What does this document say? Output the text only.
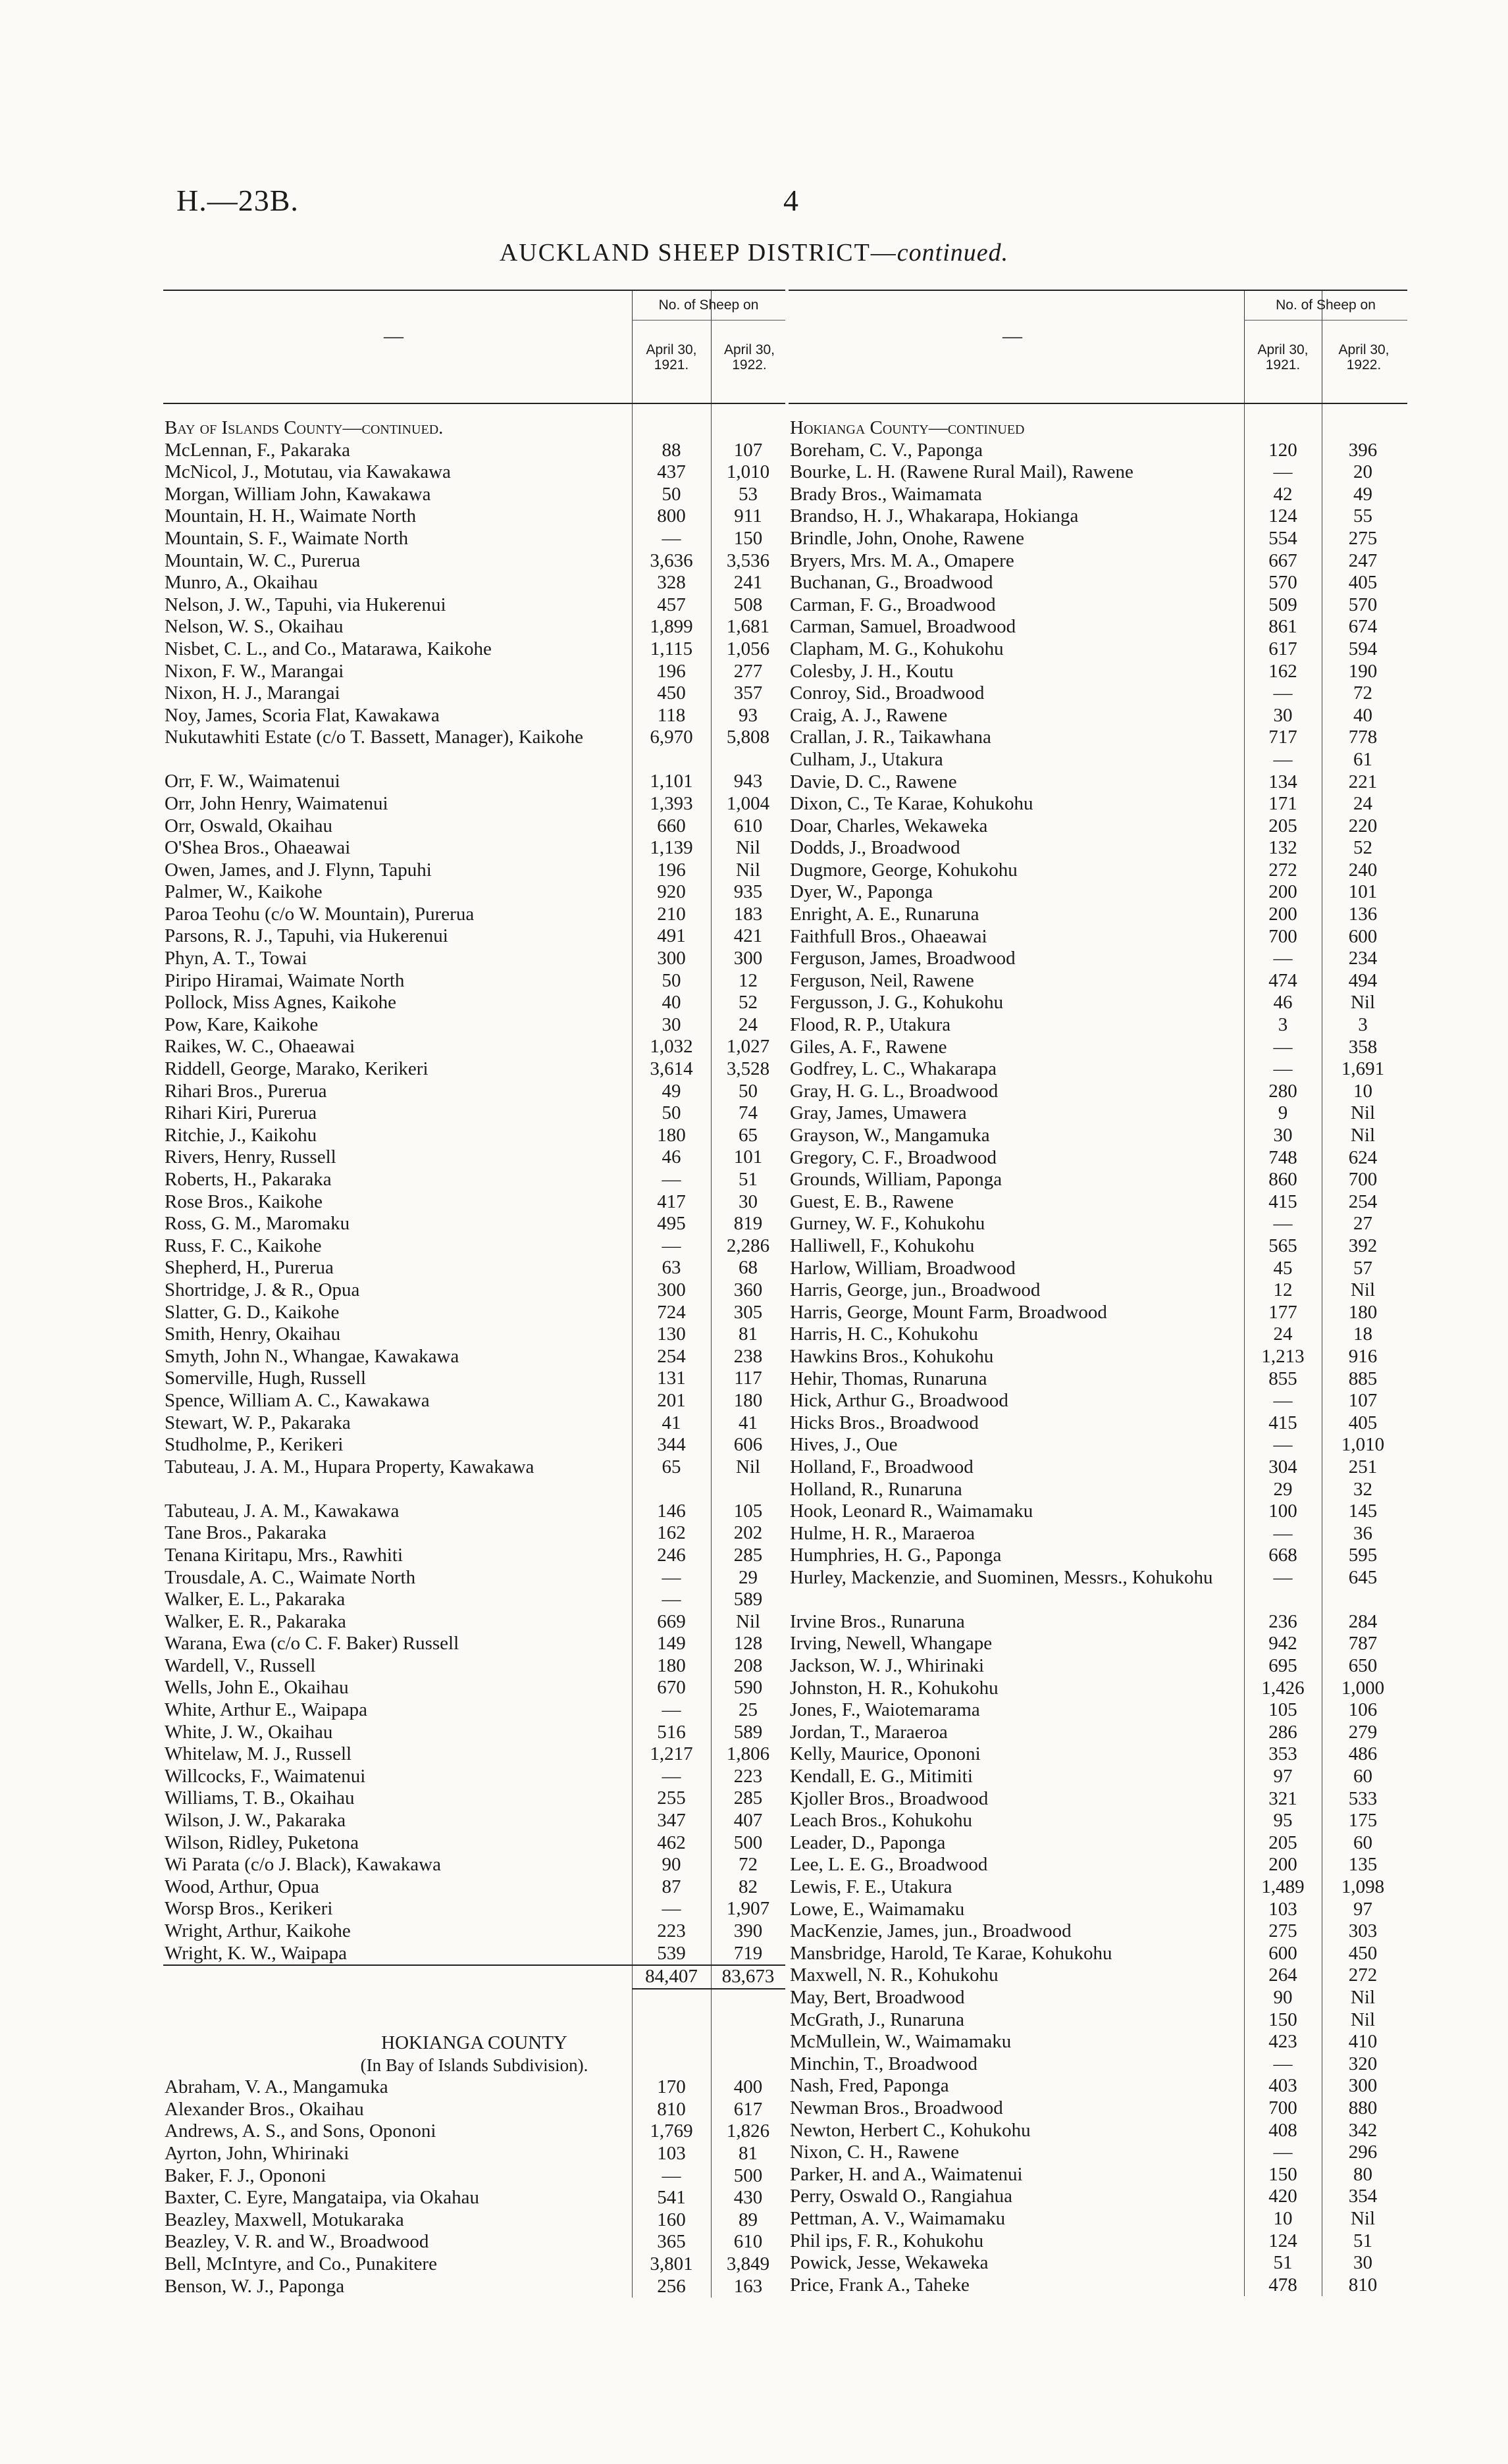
H.—23B.	4
AUCKLAND SHEEP DISTRICT—continued.
—
No. of Sheep on
April 30, 1921.
April 30, 1922.
Bay of Islands County—continued.
McLennan, F., Pakaraka	88	107
McNicol, J., Motutau, via Kawakawa	437	1,010
Morgan, William John, Kawakawa	50	53
Mountain, H. H., Waimate North	800	911
Mountain, S. F., Waimate North	—	150
Mountain, W. C., Purerua	3,636	3,536
Munro, A., Okaihau	328	241
Nelson, J. W., Tapuhi, via Hukerenui	457	508
Nelson, W. S., Okaihau	1,899	1,681
Nisbet, C. L., and Co., Matarawa, Kaikohe	1,115	1,056
Nixon, F. W., Marangai	196	277
Nixon, H. J., Marangai	450	357
Noy, James, Scoria Flat, Kawakawa	118	93
Nukutawhiti Estate (c/o T. Bassett, Manager), Kaikohe	6,970	5,808
Orr, F. W., Waimatenui	1,101	943
Orr, John Henry, Waimatenui	1,393	1,004
Orr, Oswald, Okaihau	660	610
O'Shea Bros., Ohaeawai	1,139	Nil
Owen, James, and J. Flynn, Tapuhi	196	Nil
Palmer, W., Kaikohe	920	935
Paroa Teohu (c/o W. Mountain), Purerua	210	183
Parsons, R. J., Tapuhi, via Hukerenui	491	421
Phyn, A. T., Towai	300	300
Piripo Hiramai, Waimate North	50	12
Pollock, Miss Agnes, Kaikohe	40	52
Pow, Kare, Kaikohe	30	24
Raikes, W. C., Ohaeawai	1,032	1,027
Riddell, George, Marako, Kerikeri	3,614	3,528
Rihari Bros., Purerua	49	50
Rihari Kiri, Purerua	50	74
Ritchie, J., Kaikohu	180	65
Rivers, Henry, Russell	46	101
Roberts, H., Pakaraka	—	51
Rose Bros., Kaikohe	417	30
Ross, G. M., Maromaku	495	819
Russ, F. C., Kaikohe	—	2,286
Shepherd, H., Purerua	63	68
Shortridge, J. & R., Opua	300	360
Slatter, G. D., Kaikohe	724	305
Smith, Henry, Okaihau	130	81
Smyth, John N., Whangae, Kawakawa	254	238
Somerville, Hugh, Russell	131	117
Spence, William A. C., Kawakawa	201	180
Stewart, W. P., Pakaraka	41	41
Studholme, P., Kerikeri	344	606
Tabuteau, J. A. M., Hupara Property, Kawakawa	65	Nil
Tabuteau, J. A. M., Kawakawa	146	105
Tane Bros., Pakaraka	162	202
Tenana Kiritapu, Mrs., Rawhiti	246	285
Trousdale, A. C., Waimate North	—	29
Walker, E. L., Pakaraka	—	589
Walker, E. R., Pakaraka	669	Nil
Warana, Ewa (c/o C. F. Baker) Russell	149	128
Wardell, V., Russell	180	208
Wells, John E., Okaihau	670	590
White, Arthur E., Waipapa	—	25
White, J. W., Okaihau	516	589
Whitelaw, M. J., Russell	1,217	1,806
Willcocks, F., Waimatenui	—	223
Williams, T. B., Okaihau	255	285
Wilson, J. W., Pakaraka	347	407
Wilson, Ridley, Puketona	462	500
Wi Parata (c/o J. Black), Kawakawa	90	72
Wood, Arthur, Opua	87	82
Worsp Bros., Kerikeri	—	1,907
Wright, Arthur, Kaikohe	223	390
Wright, K. W., Waipapa	539	719
84,407	83,673
HOKIANGA COUNTY
(In Bay of Islands Subdivision).
Abraham, V. A., Mangamuka	170	400
Alexander Bros., Okaihau	810	617
Andrews, A. S., and Sons, Opononi	1,769	1,826
Ayrton, John, Whirinaki	103	81
Baker, F. J., Opononi	—	500
Baxter, C. Eyre, Mangataipa, via Okahau	541	430
Beazley, Maxwell, Motukaraka	160	89
Beazley, V. R. and W., Broadwood	365	610
Bell, McIntyre, and Co., Punakitere	3,801	3,849
Benson, W. J., Paponga	256	163
—
No. of Sheep on
April 30, 1921.
April 30, 1922.
Hokianga County—continued
Boreham, C. V., Paponga	120	396
Bourke, L. H. (Rawene Rural Mail), Rawene	—	20
Brady Bros., Waimamata	42	49
Brandso, H. J., Whakarapa, Hokianga	124	55
Brindle, John, Onohe, Rawene	554	275
Bryers, Mrs. M. A., Omapere	667	247
Buchanan, G., Broadwood	570	405
Carman, F. G., Broadwood	509	570
Carman, Samuel, Broadwood	861	674
Clapham, M. G., Kohukohu	617	594
Colesby, J. H., Koutu	162	190
Conroy, Sid., Broadwood	—	72
Craig, A. J., Rawene	30	40
Crallan, J. R., Taikawhana	717	778
Culham, J., Utakura	—	61
Davie, D. C., Rawene	134	221
Dixon, C., Te Karae, Kohukohu	171	24
Doar, Charles, Wekaweka	205	220
Dodds, J., Broadwood	132	52
Dugmore, George, Kohukohu	272	240
Dyer, W., Paponga	200	101
Enright, A. E., Runaruna	200	136
Faithfull Bros., Ohaeawai	700	600
Ferguson, James, Broadwood	—	234
Ferguson, Neil, Rawene	474	494
Fergusson, J. G., Kohukohu	46	Nil
Flood, R. P., Utakura	3	3
Giles, A. F., Rawene	—	358
Godfrey, L. C., Whakarapa	—	1,691
Gray, H. G. L., Broadwood	280	10
Gray, James, Umawera	9	Nil
Grayson, W., Mangamuka	30	Nil
Gregory, C. F., Broadwood	748	624
Grounds, William, Paponga	860	700
Guest, E. B., Rawene	415	254
Gurney, W. F., Kohukohu	—	27
Halliwell, F., Kohukohu	565	392
Harlow, William, Broadwood	45	57
Harris, George, jun., Broadwood	12	Nil
Harris, George, Mount Farm, Broadwood	177	180
Harris, H. C., Kohukohu	24	18
Hawkins Bros., Kohukohu	1,213	916
Hehir, Thomas, Runaruna	855	885
Hick, Arthur G., Broadwood	—	107
Hicks Bros., Broadwood	415	405
Hives, J., Oue	—	1,010
Holland, F., Broadwood	304	251
Holland, R., Runaruna	29	32
Hook, Leonard R., Waimamaku	100	145
Hulme, H. R., Maraeroa	—	36
Humphries, H. G., Paponga	668	595
Hurley, Mackenzie, and Suominen, Messrs., Kohukohu	—	645
Irvine Bros., Runaruna	236	284
Irving, Newell, Whangape	942	787
Jackson, W. J., Whirinaki	695	650
Johnston, H. R., Kohukohu	1,426	1,000
Jones, F., Waiotemarama	105	106
Jordan, T., Maraeroa	286	279
Kelly, Maurice, Opononi	353	486
Kendall, E. G., Mitimiti	97	60
Kjoller Bros., Broadwood	321	533
Leach Bros., Kohukohu	95	175
Leader, D., Paponga	205	60
Lee, L. E. G., Broadwood	200	135
Lewis, F. E., Utakura	1,489	1,098
Lowe, E., Waimamaku	103	97
MacKenzie, James, jun., Broadwood	275	303
Mansbridge, Harold, Te Karae, Kohukohu	600	450
Maxwell, N. R., Kohukohu	264	272
May, Bert, Broadwood	90	Nil
McGrath, J., Runaruna	150	Nil
McMullein, W., Waimamaku	423	410
Minchin, T., Broadwood	—	320
Nash, Fred, Paponga	403	300
Newman Bros., Broadwood	700	880
Newton, Herbert C., Kohukohu	408	342
Nixon, C. H., Rawene	—	296
Parker, H. and A., Waimatenui	150	80
Perry, Oswald O., Rangiahua	420	354
Pettman, A. V., Waimamaku	10	Nil
Phil ips, F. R., Kohukohu	124	51
Powick, Jesse, Wekaweka	51	30
Price, Frank A., Taheke	478	810
